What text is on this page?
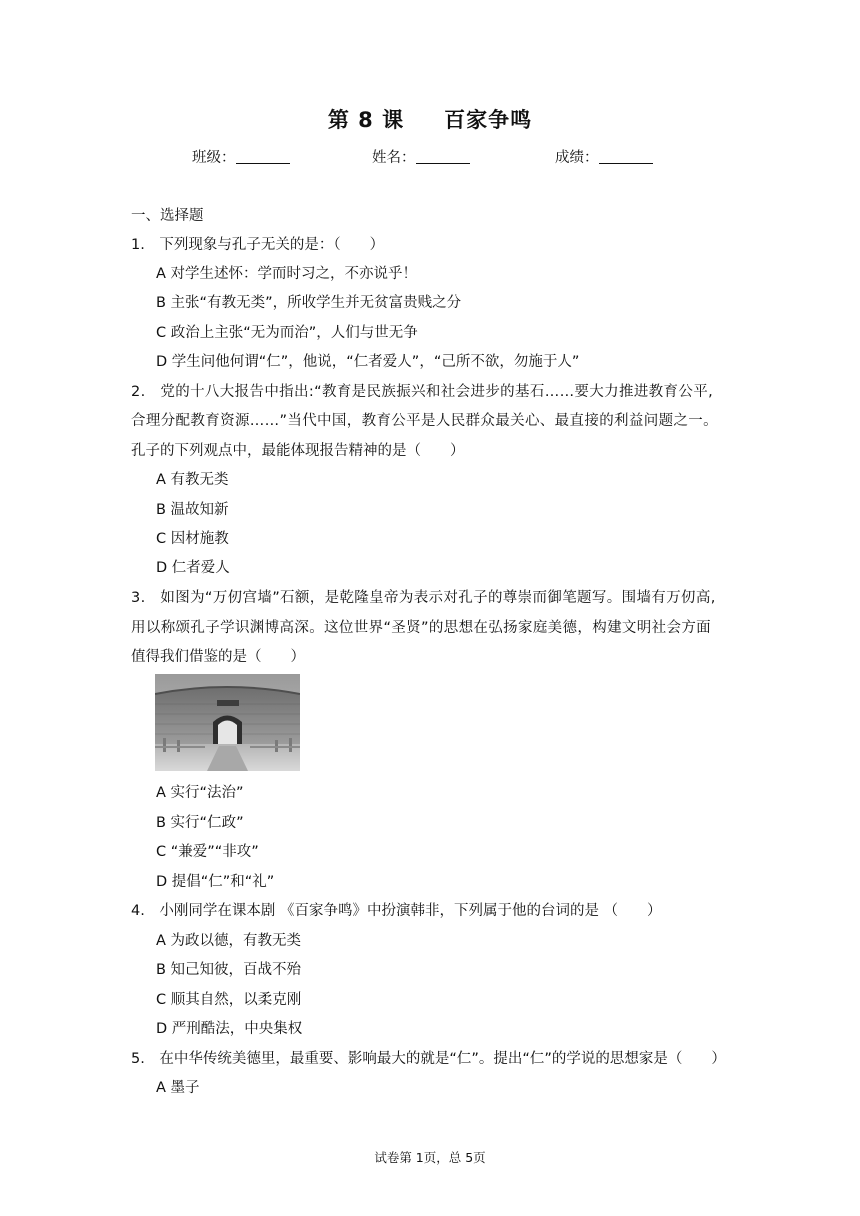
第 8 课 百家争鸣
班级：	姓名：	成绩：
一、选择题
1.　下列现象与孔子无关的是：（　　）
A 对学生述怀：学而时习之，不亦说乎！
B 主张“有教无类”，所收学生并无贫富贵贱之分
C 政治上主张“无为而治”，人们与世无争
D 学生问他何谓“仁”，他说，“仁者爱人”，“己所不欲，勿施于人”
2.　党的十八大报告中指出:“教育是民族振兴和社会进步的基石……要大力推进教育公平,
合理分配教育资源……”当代中国，教育公平是人民群众最关心、最直接的利益问题之一。
孔子的下列观点中，最能体现报告精神的是（　　）
A 有教无类
B 温故知新
C 因材施教
D 仁者爱人
3.　如图为“万仞宫墙”石额，是乾隆皇帝为表示对孔子的尊崇而御笔题写。围墙有万仞高,
用以称颂孔子学识渊博高深。这位世界“圣贤”的思想在弘扬家庭美德，构建文明社会方面
值得我们借鉴的是（　　）
A 实行“法治”
B 实行“仁政”
C “兼爱”“非攻”
D 提倡“仁”和“礼”
4.　小刚同学在课本剧 《百家争鸣》中扮演韩非，下列属于他的台词的是 （　　）
A 为政以德，有教无类
B 知己知彼，百战不殆
C 顺其自然，以柔克刚
D 严刑酷法，中央集权
5.　在中华传统美德里，最重要、影响最大的就是“仁”。提出“仁”的学说的思想家是（　　）
A 墨子
试卷第 1页，总 5页
